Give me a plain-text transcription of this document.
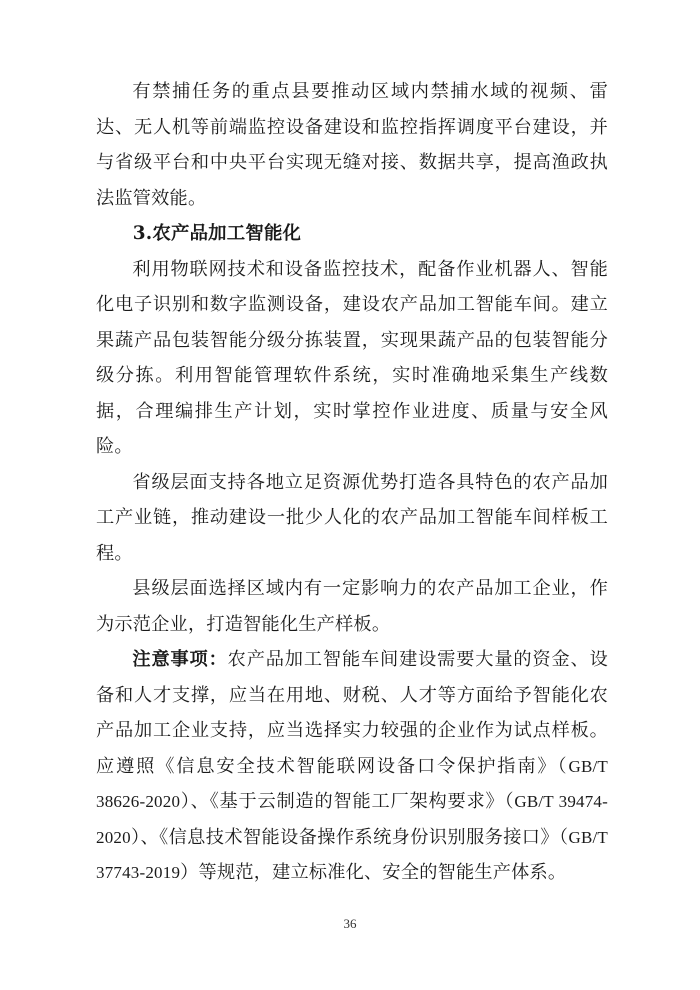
有禁捕任务的重点县要推动区域内禁捕水域的视频、雷达、无人机等前端监控设备建设和监控指挥调度平台建设，并与省级平台和中央平台实现无缝对接、数据共享，提高渔政执法监管效能。

3.农产品加工智能化

利用物联网技术和设备监控技术，配备作业机器人、智能化电子识别和数字监测设备，建设农产品加工智能车间。建立果蔬产品包装智能分级分拣装置，实现果蔬产品的包装智能分级分拣。利用智能管理软件系统，实时准确地采集生产线数据，合理编排生产计划，实时掌控作业进度、质量与安全风险。

省级层面支持各地立足资源优势打造各具特色的农产品加工产业链，推动建设一批少人化的农产品加工智能车间样板工程。

县级层面选择区域内有一定影响力的农产品加工企业，作为示范企业，打造智能化生产样板。

注意事项：农产品加工智能车间建设需要大量的资金、设备和人才支撑，应当在用地、财税、人才等方面给予智能化农产品加工企业支持，应当选择实力较强的企业作为试点样板。应遵照《信息安全技术智能联网设备口令保护指南》（GB/T 38626-2020）、《基于云制造的智能工厂架构要求》（GB/T 39474-2020）、《信息技术智能设备操作系统身份识别服务接口》（GB/T 37743-2019）等规范，建立标准化、安全的智能生产体系。

36
